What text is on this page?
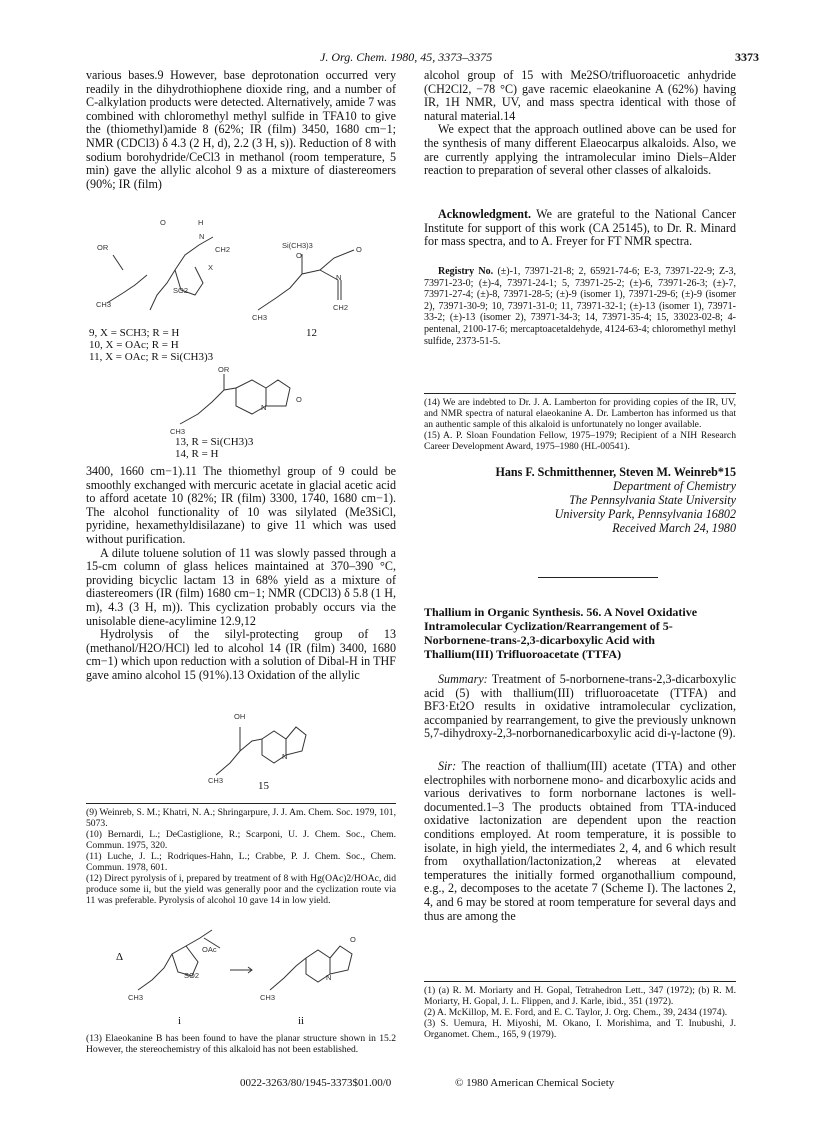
J. Org. Chem. 1980, 45, 3373–3375	3373

various bases.9 However, base deprotonation occurred very readily in the dihydrothiophene dioxide ring, and a number of C-alkylation products were detected. Alternatively, amide 7 was combined with chloromethyl methyl sulfide in TFA10 to give the (thiomethyl)amide 8 (62%; IR (film) 3450, 1680 cm−1; NMR (CDCl3) δ 4.3 (2 H, d), 2.2 (3 H, s)). Reduction of 8 with sodium borohydride/CeCl3 in methanol (room temperature, 5 min) gave the allylic alcohol 9 as a mixture of diastereomers (90%; IR (film)

OR
O	H
N
CH2
X
SO2
CH3
9, X = SCH3; R = H
10, X = OAc; R = H
11, X = OAc; R = Si(CH3)3
Si(CH3)3
O
O
N
CH2
CH3
12
OR
N
O
CH3
13, R = Si(CH3)3
14, R = H

3400, 1660 cm−1).11 The thiomethyl group of 9 could be smoothly exchanged with mercuric acetate in glacial acetic acid to afford acetate 10 (82%; IR (film) 3300, 1740, 1680 cm−1). The alcohol functionality of 10 was silylated (Me3SiCl, pyridine, hexamethyldisilazane) to give 11 which was used without purification.

A dilute toluene solution of 11 was slowly passed through a 15-cm column of glass helices maintained at 370–390 °C, providing bicyclic lactam 13 in 68% yield as a mixture of diastereomers (IR (film) 1680 cm−1; NMR (CDCl3) δ 5.8 (1 H, m), 4.3 (3 H, m)). This cyclization probably occurs via the unisolable diene-acylimine 12.9,12

Hydrolysis of the silyl-protecting group of 13 (methanol/H2O/HCl) led to alcohol 14 (IR (film) 3400, 1680 cm−1) which upon reduction with a solution of Dibal-H in THF gave amino alcohol 15 (91%).13 Oxidation of the allylic

OH
N
CH3	15

(9) Weinreb, S. M.; Khatri, N. A.; Shringarpure, J. J. Am. Chem. Soc. 1979, 101, 5073.

(10) Bernardi, L.; DeCastiglione, R.; Scarponi, U. J. Chem. Soc., Chem. Commun. 1975, 320.

(11) Luche, J. L.; Rodriques-Hahn, L.; Crabbe, P. J. Chem. Soc., Chem. Commun. 1978, 601.

(12) Direct pyrolysis of i, prepared by treatment of 8 with Hg(OAc)2/HOAc, did produce some ii, but the yield was generally poor and the cyclization route via 11 was preferable. Pyrolysis of alcohol 10 gave 14 in low yield.

OAc
SO2
CH3
O
N
CH3
Δ
i	ii

(13) Elaeokanine B has been found to have the planar structure shown in 15.2 However, the stereochemistry of this alkaloid has not been established.

alcohol group of 15 with Me2SO/trifluoroacetic anhydride (CH2Cl2, −78 °C) gave racemic elaeokanine A (62%) having IR, 1H NMR, UV, and mass spectra identical with those of natural material.14

We expect that the approach outlined above can be used for the synthesis of many different Elaeocarpus alkaloids. Also, we are currently applying the intramolecular imino Diels–Alder reaction to preparation of several other classes of alkaloids.

Acknowledgment. We are grateful to the National Cancer Institute for support of this work (CA 25145), to Dr. R. Minard for mass spectra, and to A. Freyer for FT NMR spectra.

Registry No. (±)-1, 73971-21-8; 2, 65921-74-6; E-3, 73971-22-9; Z-3, 73971-23-0; (±)-4, 73971-24-1; 5, 73971-25-2; (±)-6, 73971-26-3; (±)-7, 73971-27-4; (±)-8, 73971-28-5; (±)-9 (isomer 1), 73971-29-6; (±)-9 (isomer 2), 73971-30-9; 10, 73971-31-0; 11, 73971-32-1; (±)-13 (isomer 1), 73971-33-2; (±)-13 (isomer 2), 73971-34-3; 14, 73971-35-4; 15, 33023-02-8; 4-pentenal, 2100-17-6; mercaptoacetaldehyde, 4124-63-4; chloromethyl methyl sulfide, 2373-51-5.

(14) We are indebted to Dr. J. A. Lamberton for providing copies of the IR, UV, and NMR spectra of natural elaeokanine A. Dr. Lamberton has informed us that an authentic sample of this alkaloid is unfortunately no longer available.

(15) A. P. Sloan Foundation Fellow, 1975–1979; Recipient of a NIH Research Career Development Award, 1975–1980 (HL-00541).

Hans F. Schmitthenner, Steven M. Weinreb*15
Department of Chemistry
The Pennsylvania State University
University Park, Pennsylvania 16802
Received March 24, 1980
Thallium in Organic Synthesis. 56. A Novel Oxidative Intramolecular Cyclization/Rearrangement of 5-Norbornene-trans-2,3-dicarboxylic Acid with Thallium(III) Trifluoroacetate (TTFA)

Summary: Treatment of 5-norbornene-trans-2,3-dicarboxylic acid (5) with thallium(III) trifluoroacetate (TTFA) and BF3·Et2O results in oxidative intramolecular cyclization, accompanied by rearrangement, to give the previously unknown 5,7-dihydroxy-2,3-norbornanedicarboxylic acid di-γ-lactone (9).

Sir: The reaction of thallium(III) acetate (TTA) and other electrophiles with norbornene mono- and dicarboxylic acids and various derivatives to form norbornane lactones is well-documented.1–3 The products obtained from TTA-induced oxidative lactonization are dependent upon the reaction conditions employed. At room temperature, it is possible to isolate, in high yield, the intermediates 2, 4, and 6 which result from oxythallation/lactonization,2 whereas at elevated temperatures the initially formed organothallium compound, e.g., 2, decomposes to the acetate 7 (Scheme I). The lactones 2, 4, and 6 may be stored at room temperature for several days and thus are among the

(1) (a) R. M. Moriarty and H. Gopal, Tetrahedron Lett., 347 (1972); (b) R. M. Moriarty, H. Gopal, J. L. Flippen, and J. Karle, ibid., 351 (1972).

(2) A. McKillop, M. E. Ford, and E. C. Taylor, J. Org. Chem., 39, 2434 (1974).

(3) S. Uemura, H. Miyoshi, M. Okano, I. Morishima, and T. Inubushi, J. Organomet. Chem., 165, 9 (1979).

0022-3263/80/1945-3373$01.00/0	© 1980 American Chemical Society
